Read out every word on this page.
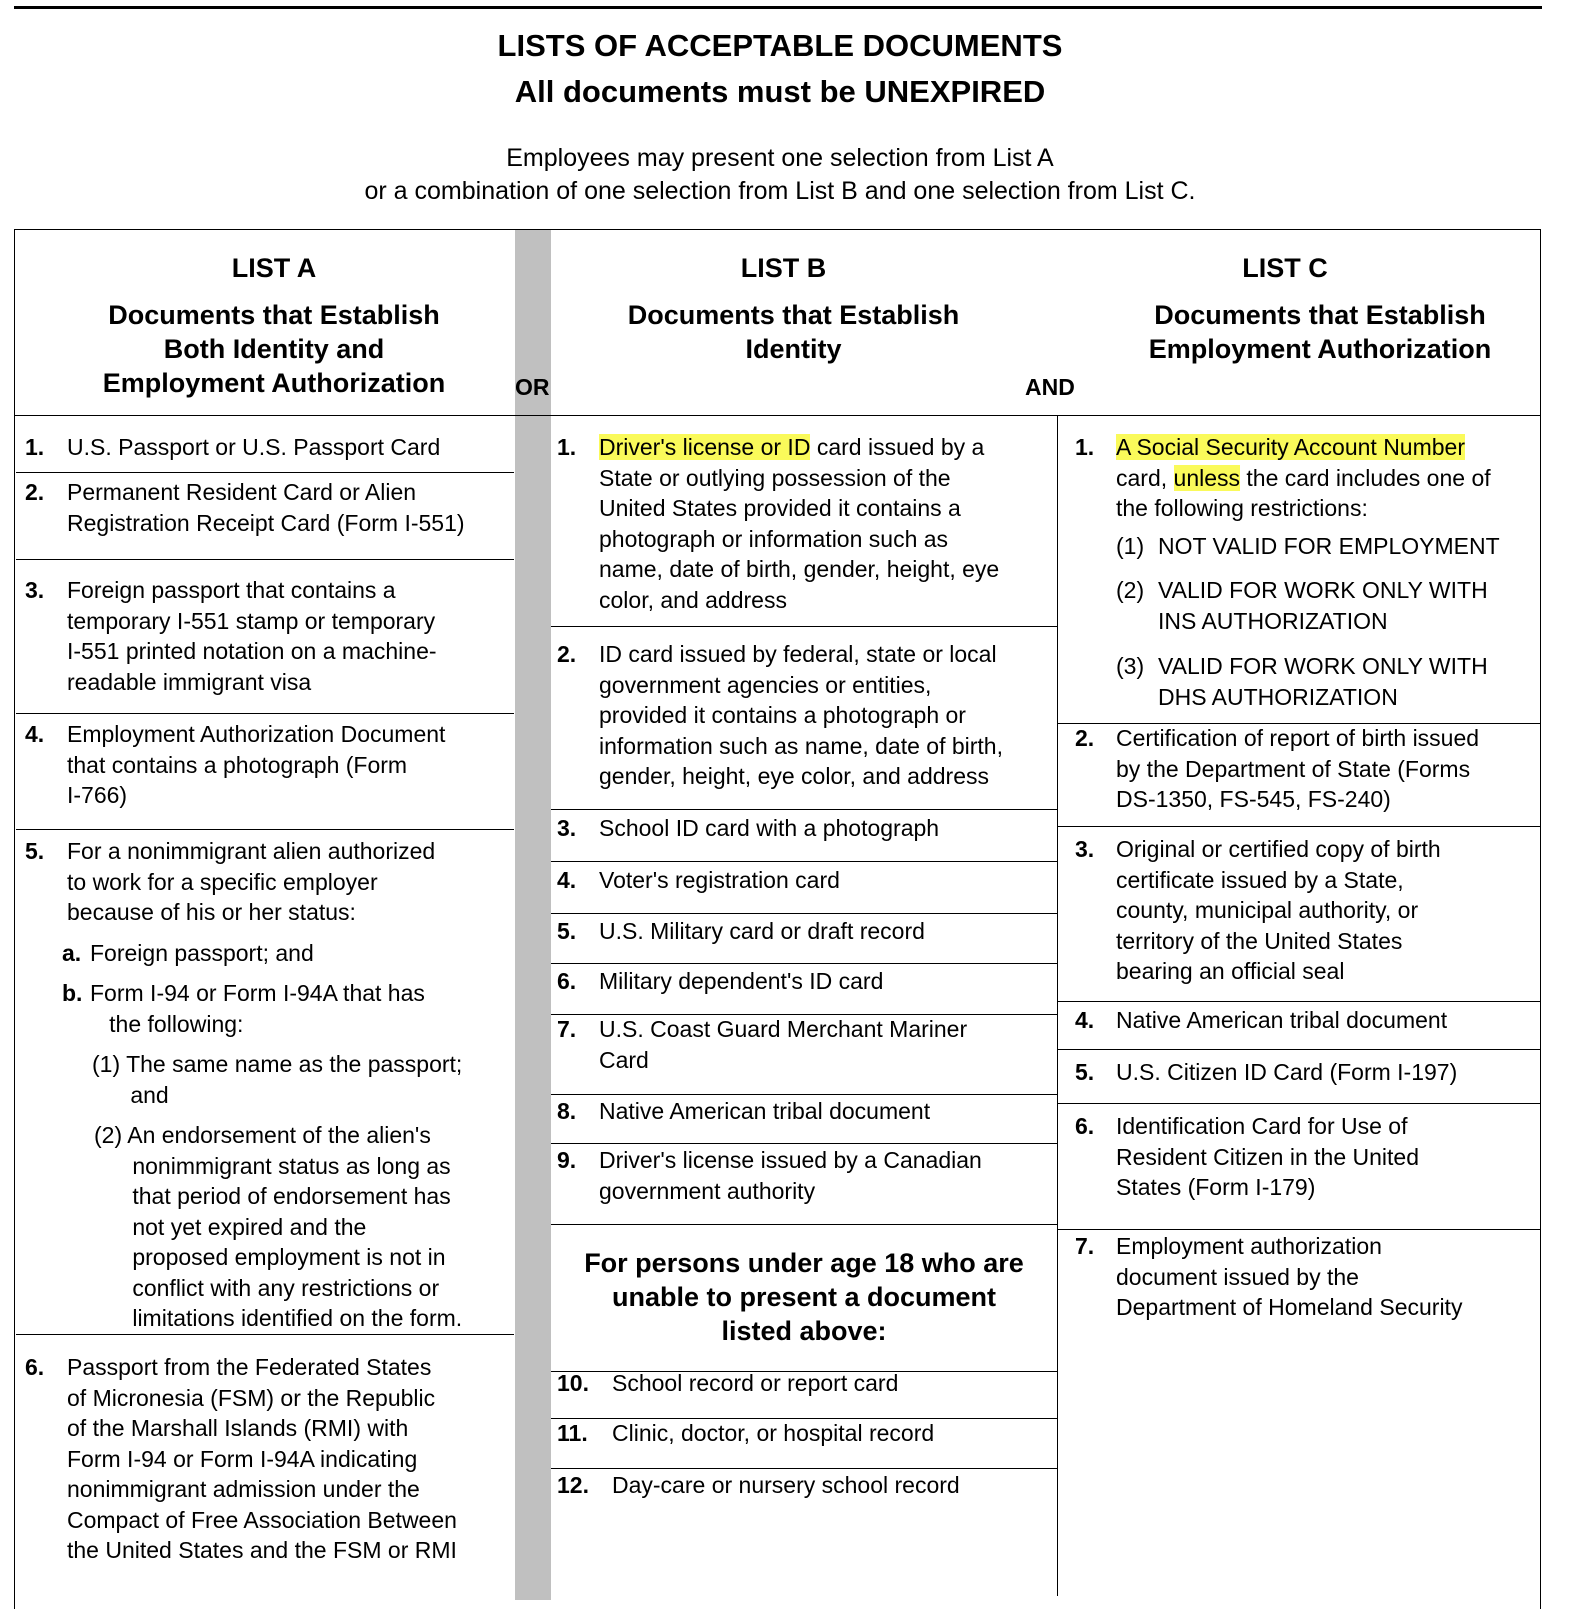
LISTS OF ACCEPTABLE DOCUMENTS
All documents must be UNEXPIRED
Employees may present one selection from List A
or a combination of one selection from List B and one selection from List C.
LIST A
Documents that Establish
Both Identity and
Employment Authorization	OR
LIST B
Documents that Establish
Identity
AND
LIST C
Documents that Establish
Employment Authorization
1. U.S. Passport or U.S. Passport Card
2. Permanent Resident Card or Alien
Registration Receipt Card (Form I-551)
3. Foreign passport that contains a
temporary I-551 stamp or temporary
I-551 printed notation on a machine-
readable immigrant visa
4. Employment Authorization Document
that contains a photograph (Form
I-766)
5. For a nonimmigrant alien authorized
to work for a specific employer
because of his or her status:
a. Foreign passport; and
b. Form I-94 or Form I-94A that has
the following:
(1) The same name as the passport;
and
(2) An endorsement of the alien's
nonimmigrant status as long as
that period of endorsement has
not yet expired and the
proposed employment is not in
conflict with any restrictions or
limitations identified on the form.
6. Passport from the Federated States
of Micronesia (FSM) or the Republic
of the Marshall Islands (RMI) with
Form I-94 or Form I-94A indicating
nonimmigrant admission under the
Compact of Free Association Between
the United States and the FSM or RMI
1. Driver's license or ID card issued by a
State or outlying possession of the
United States provided it contains a
photograph or information such as
name, date of birth, gender, height, eye
color, and address
2. ID card issued by federal, state or local
government agencies or entities,
provided it contains a photograph or
information such as name, date of birth,
gender, height, eye color, and address
3. School ID card with a photograph
4. Voter's registration card
5. U.S. Military card or draft record
6. Military dependent's ID card
7. U.S. Coast Guard Merchant Mariner
Card
8. Native American tribal document
9. Driver's license issued by a Canadian
government authority
For persons under age 18 who are
unable to present a document
listed above:
10. School record or report card
11. Clinic, doctor, or hospital record
12. Day-care or nursery school record
1. A Social Security Account Number
card, unless the card includes one of
the following restrictions:
(1) NOT VALID FOR EMPLOYMENT
(2) VALID FOR WORK ONLY WITH
INS AUTHORIZATION
(3) VALID FOR WORK ONLY WITH
DHS AUTHORIZATION
2. Certification of report of birth issued
by the Department of State (Forms
DS-1350, FS-545, FS-240)
3. Original or certified copy of birth
certificate issued by a State,
county, municipal authority, or
territory of the United States
bearing an official seal
4. Native American tribal document
5. U.S. Citizen ID Card (Form I-197)
6. Identification Card for Use of
Resident Citizen in the United
States (Form I-179)
7. Employment authorization
document issued by the
Department of Homeland Security
